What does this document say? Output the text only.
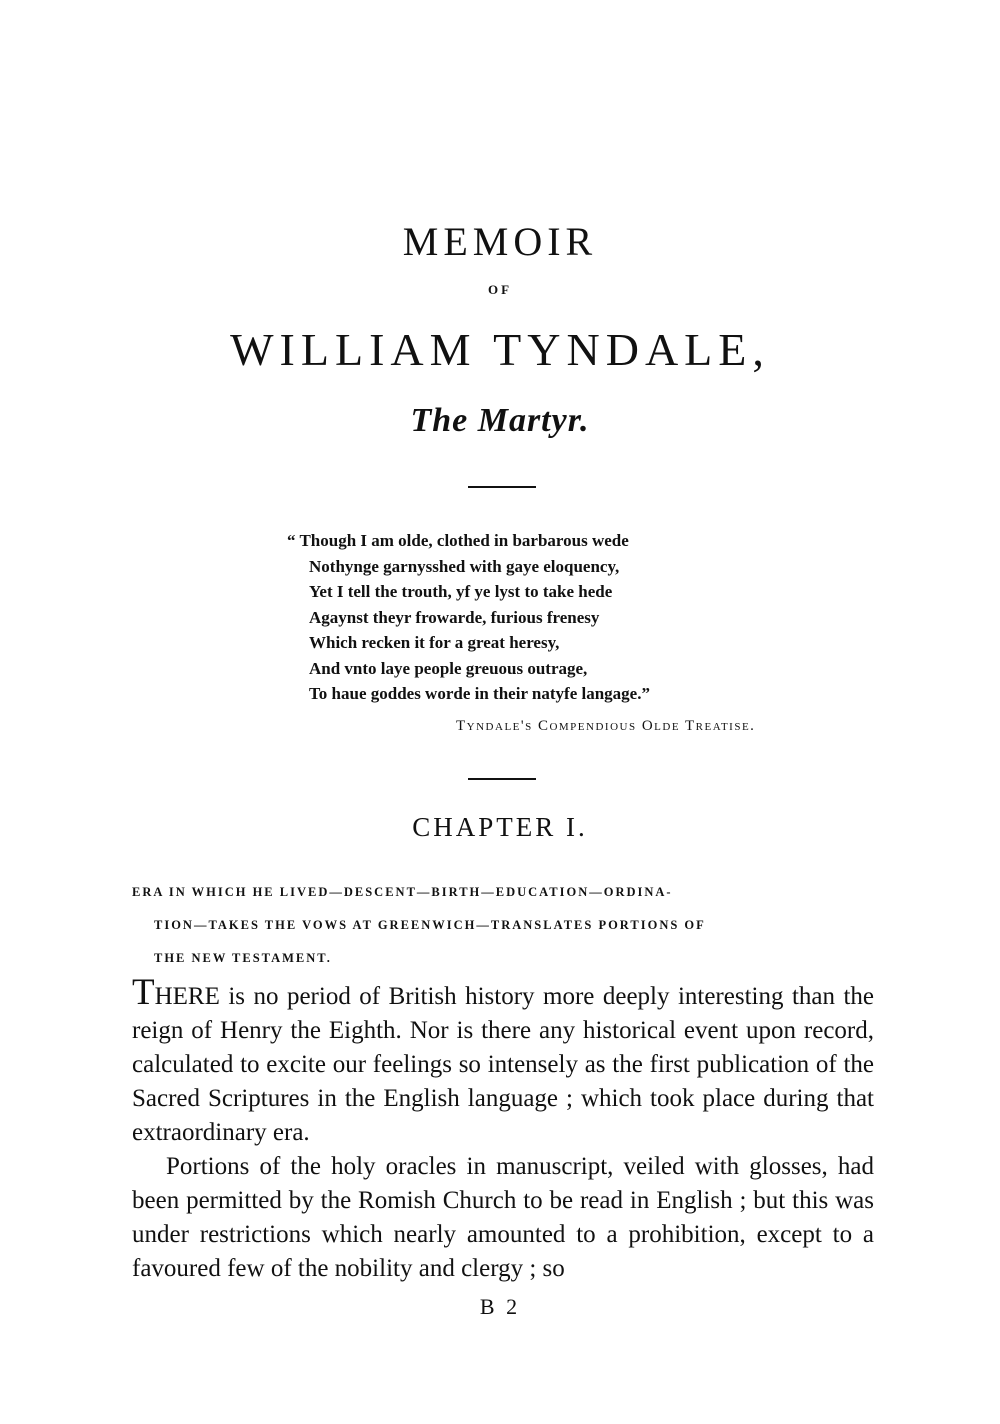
MEMOIR
OF
WILLIAM TYNDALE,
The Martyr.
“ Though I am olde, clothed in barbarous wede
Nothynge garnysshed with gaye eloquency,
Yet I tell the trouth, yf ye lyst to take hede
Agaynst theyr frowarde, furious frenesy
Which recken it for a great heresy,
And vnto laye people greuous outrage,
To haue goddes worde in their natyfe langage.”
Tyndale's Compendious Olde Treatise.
CHAPTER I.
ERA IN WHICH HE LIVED—DESCENT—BIRTH—EDUCATION—ORDINA-
TION—TAKES THE VOWS AT GREENWICH—TRANSLATES PORTIONS OF
THE NEW TESTAMENT.

THERE is no period of British history more deeply interesting than the reign of Henry the Eighth. Nor is there any historical event upon record, calculated to excite our feelings so intensely as the first publication of the Sacred Scriptures in the English language ; which took place during that extraordinary era.

Portions of the holy oracles in manuscript, veiled with glosses, had been permitted by the Romish Church to be read in English ; but this was under restrictions which nearly amounted to a prohibition, except to a favoured few of the nobility and clergy ; so

B 2
